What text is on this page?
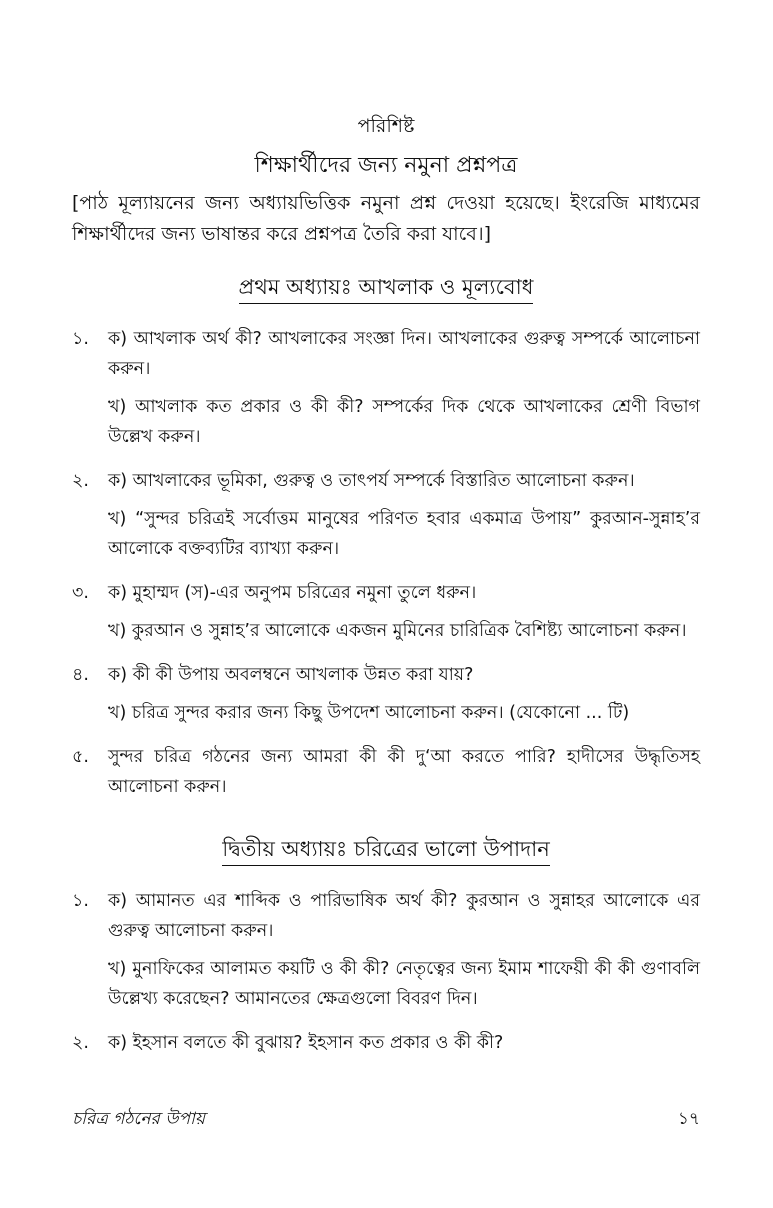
পরিশিষ্ট
শিক্ষার্থীদের জন্য নমুনা প্রশ্নপত্র
[পাঠ মূল্যায়নের জন্য অধ্যায়ভিত্তিক নমুনা প্রশ্ন দেওয়া হয়েছে। ইংরেজি মাধ্যমের শিক্ষার্থীদের জন্য ভাষান্তর করে প্রশ্নপত্র তৈরি করা যাবে।]
প্রথম অধ্যায়ঃ আখলাক ও মূল্যবোধ
১.	ক) আখলাক অর্থ কী? আখলাকের সংজ্ঞা দিন। আখলাকের গুরুত্ব সম্পর্কে আলোচনা করুন।
খ) আখলাক কত প্রকার ও কী কী? সম্পর্কের দিক থেকে আখলাকের শ্রেণী বিভাগ উল্লেখ করুন।
২.	ক) আখলাকের ভূমিকা, গুরুত্ব ও তাৎপর্য সম্পর্কে বিস্তারিত আলোচনা করুন।
খ) “সুন্দর চরিত্রই সর্বোত্তম মানুষের পরিণত হবার একমাত্র উপায়” কুরআন-সুন্নাহ’র আলোকে বক্তব্যটির ব্যাখ্যা করুন।
৩.	ক) মুহাম্মদ (স)-এর অনুপম চরিত্রের নমুনা তুলে ধরুন।
খ) কুরআন ও সুন্নাহ’র আলোকে একজন মুমিনের চারিত্রিক বৈশিষ্ট্য আলোচনা করুন।
৪.	ক) কী কী উপায় অবলম্বনে আখলাক উন্নত করা যায়?
খ) চরিত্র সুন্দর করার জন্য কিছু উপদেশ আলোচনা করুন। (যেকোনো ... টি)
৫.	সুন্দর চরিত্র গঠনের জন্য আমরা কী কী দু‘আ করতে পারি? হাদীসের উদ্ধৃতিসহ আলোচনা করুন।
দ্বিতীয় অধ্যায়ঃ চরিত্রের ভালো উপাদান
১.	ক) আমানত এর শাব্দিক ও পারিভাষিক অর্থ কী? কুরআন ও সুন্নাহর আলোকে এর গুরুত্ব আলোচনা করুন।
খ) মুনাফিকের আলামত কয়টি ও কী কী? নেতৃত্বের জন্য ইমাম শাফেয়ী কী কী গুণাবলি উল্লেখ্য করেছেন? আমানতের ক্ষেত্রগুলো বিবরণ দিন।
২.	ক) ইহসান বলতে কী বুঝায়? ইহসান কত প্রকার ও কী কী?
চরিত্র গঠনের উপায়	১৭
